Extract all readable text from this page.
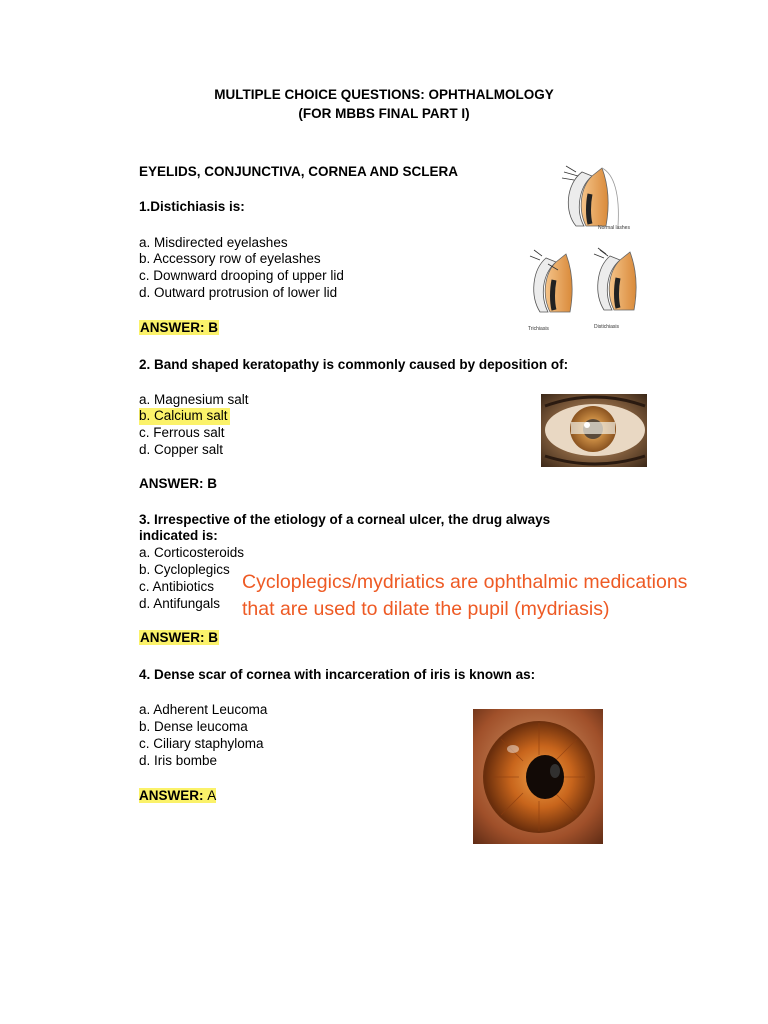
MULTIPLE CHOICE QUESTIONS: OPHTHALMOLOGY
(FOR MBBS FINAL PART I)
EYELIDS, CONJUNCTIVA, CORNEA AND SCLERA
1.Distichiasis is:
a. Misdirected eyelashes
b. Accessory row of eyelashes
c. Downward drooping of upper lid
d. Outward protrusion of lower lid
ANSWER: B
Normal lashes
Trichiasis	Distichiasis
2. Band shaped keratopathy is commonly caused by deposition of:
a. Magnesium salt
b. Calcium salt
c. Ferrous salt
d. Copper salt
ANSWER: B
3. Irrespective of the etiology of a corneal ulcer, the drug always
indicated is:
a. Corticosteroids
b. Cycloplegics
c. Antibiotics
d. Antifungals
ANSWER: B
Cycloplegics/mydriatics are ophthalmic medications
that are used to dilate the pupil (mydriasis)
4. Dense scar of cornea with incarceration of iris is known as:
a. Adherent Leucoma
b. Dense leucoma
c. Ciliary staphyloma
d. Iris bombe
ANSWER: A
